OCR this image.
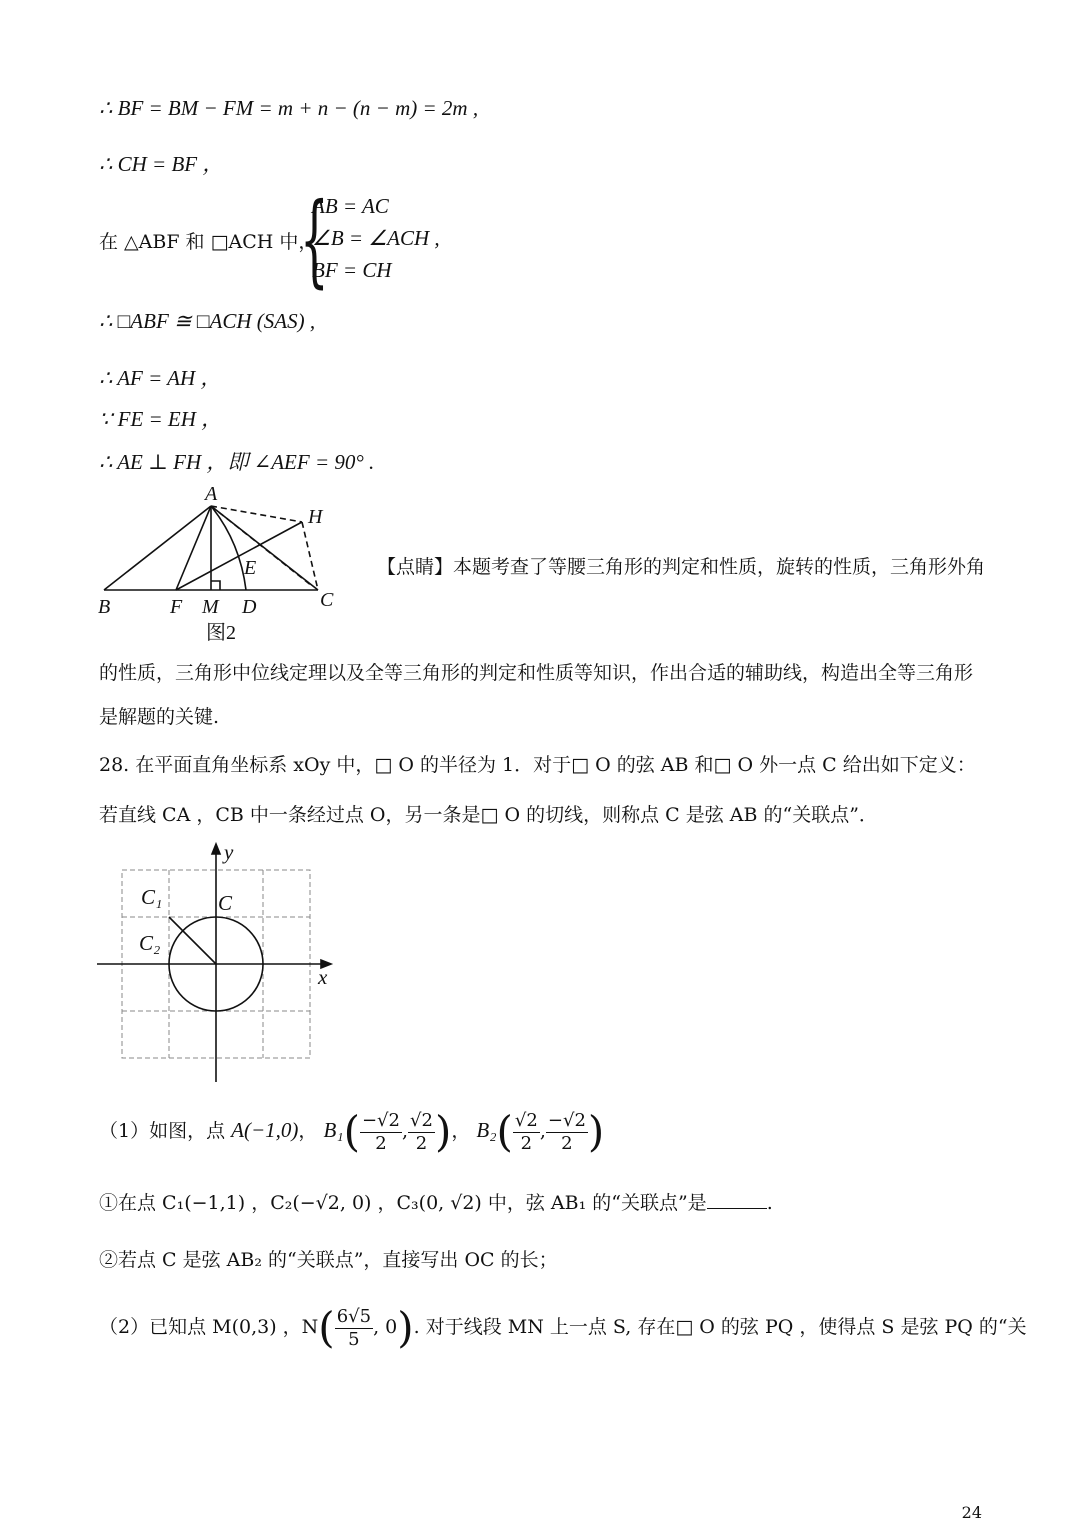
∴ BF = BM − FM = m + n − (n − m) = 2m ,
∴ CH = BF ，
在 △ABF 和 □ACH 中，
{
AB = AC
∠B = ∠ACH ,
BF = CH
∴ □ABF ≅ □ACH (SAS) ,
∴ AF = AH ，
∵ FE = EH ，
∴ AE ⊥ FH ，即 ∠AEF = 90° .
A
H
E
B	F M D	C
图2
【点睛】本题考查了等腰三角形的判定和性质，旋转的性质，三角形外角
的性质，三角形中位线定理以及全等三角形的判定和性质等知识，作出合适的辅助线，构造出全等三角形
是解题的关键.
28. 在平面直角坐标系 xOy 中，□ O 的半径为 1．对于□ O 的弦 AB 和□ O 外一点 C 给出如下定义：
若直线 CA ，CB 中一条经过点 O，另一条是□ O 的切线，则称点 C 是弦 AB 的“关联点”．
y
x
C
C₁
C₂
（1）如图，点 A(−1,0)， $B_1( \frac{-√2}{2}$ , $\frac{√2}{2}$ )， $B_2( \frac{√2}{2}$ , $\frac{-√2}{2}$ )
①在点 C₁(−1,1) ，C₂(−√2, 0) ，C₃(0, √2) 中，弦 AB₁ 的“关联点”是	.
②若点 C 是弦 AB₂ 的“关联点”，直接写出 OC 的长；
（2）已知点 M(0,3) ，$N( \frac{6√5}{5}$ , 0). 对于线段 MN 上一点 S, 存在□ O 的弦 PQ ，使得点 S 是弦 PQ 的“关
24
